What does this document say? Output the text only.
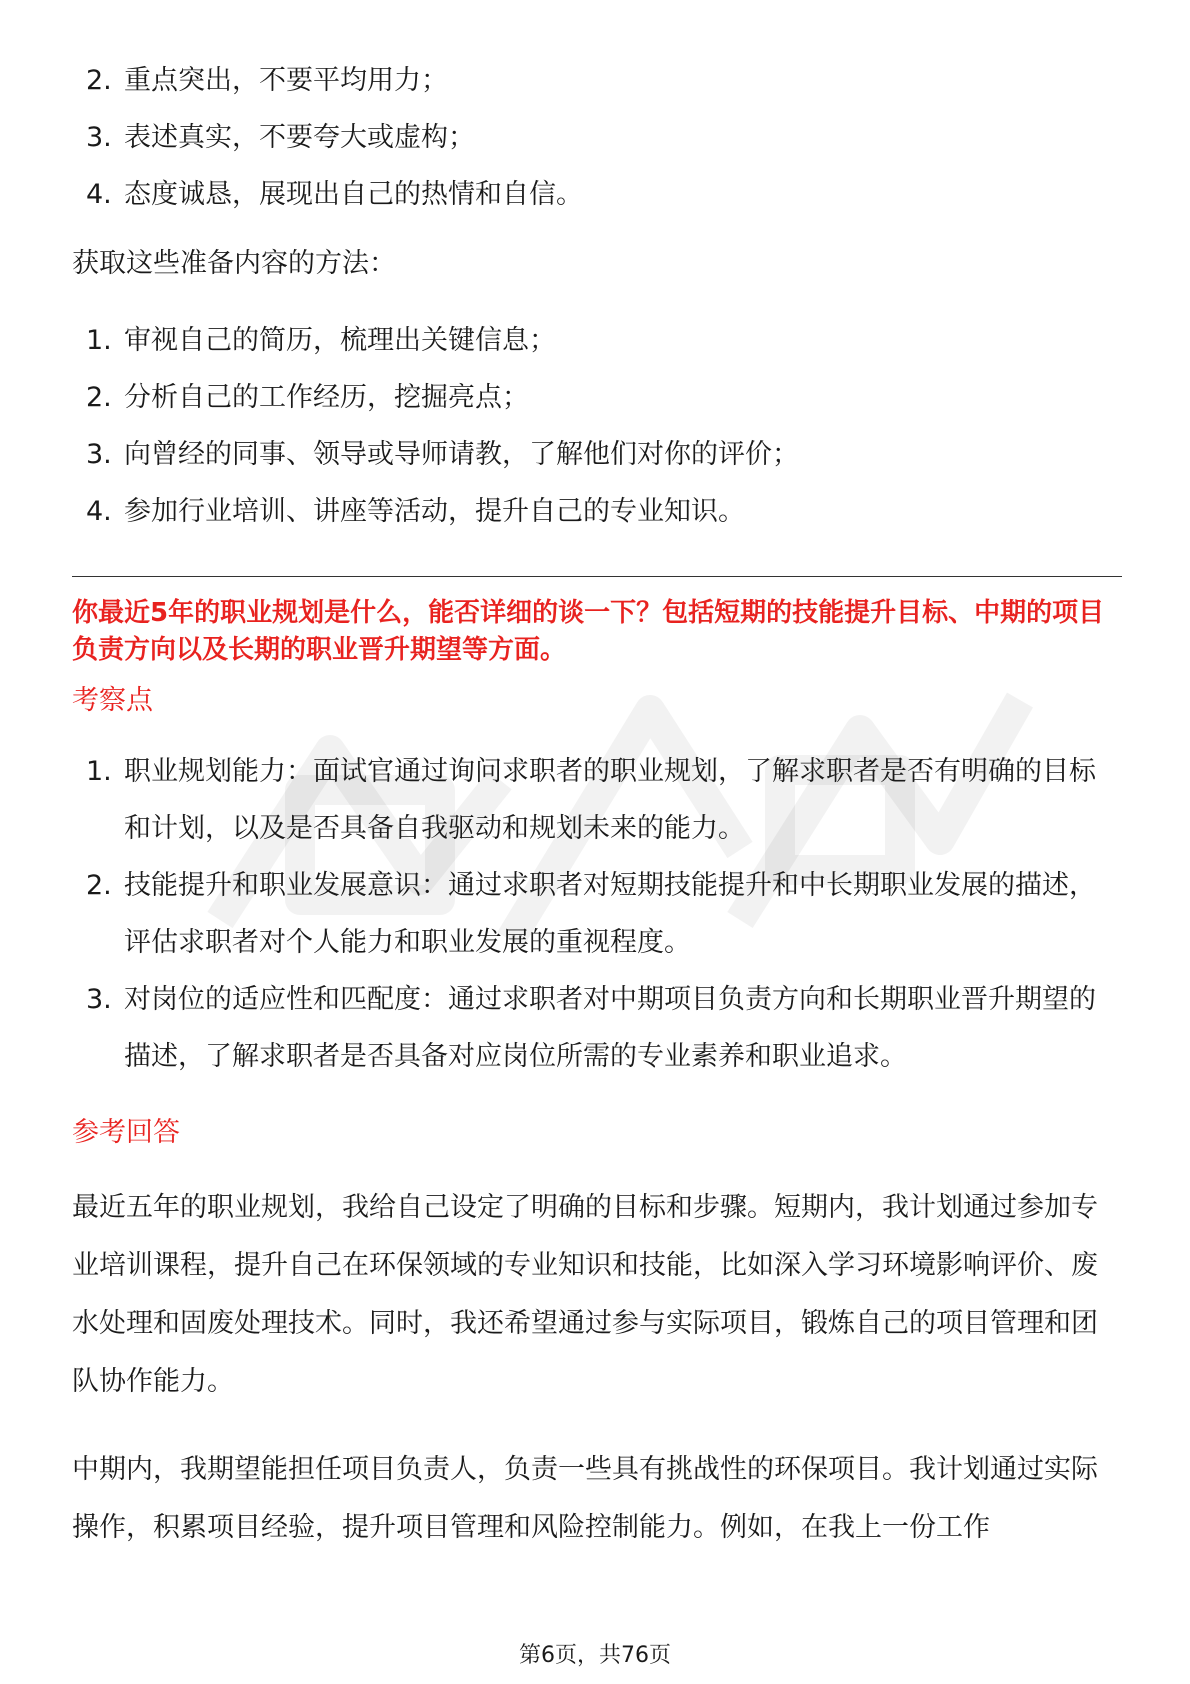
2. 重点突出，不要平均用力；
3. 表述真实，不要夸大或虚构；
4. 态度诚恳，展现出自己的热情和自信。

获取这些准备内容的方法：

1. 审视自己的简历，梳理出关键信息；
2. 分析自己的工作经历，挖掘亮点；
3. 向曾经的同事、领导或导师请教，了解他们对你的评价；
4. 参加行业培训、讲座等活动，提升自己的专业知识。

你最近5年的职业规划是什么，能否详细的谈一下？包括短期的技能提升目标、中期的项目负责方向以及长期的职业晋升期望等方面。

考察点

1. 职业规划能力：面试官通过询问求职者的职业规划，了解求职者是否有明确的目标和计划，以及是否具备自我驱动和规划未来的能力。
2. 技能提升和职业发展意识：通过求职者对短期技能提升和中长期职业发展的描述，评估求职者对个人能力和职业发展的重视程度。
3. 对岗位的适应性和匹配度：通过求职者对中期项目负责方向和长期职业晋升期望的描述，了解求职者是否具备对应岗位所需的专业素养和职业追求。

参考回答

最近五年的职业规划，我给自己设定了明确的目标和步骤。短期内，我计划通过参加专业培训课程，提升自己在环保领域的专业知识和技能，比如深入学习环境影响评价、废水处理和固废处理技术。同时，我还希望通过参与实际项目，锻炼自己的项目管理和团队协作能力。

中期内，我期望能担任项目负责人，负责一些具有挑战性的环保项目。我计划通过实际操作，积累项目经验，提升项目管理和风险控制能力。例如，在我上一份工作

第6页，共76页
